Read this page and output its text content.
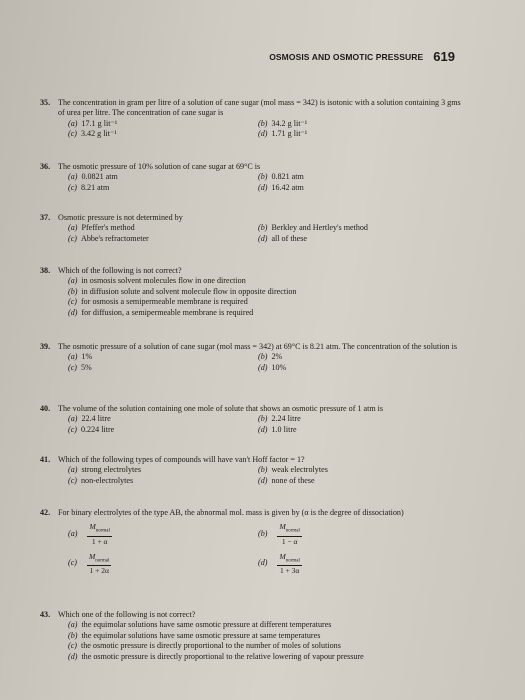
OSMOSIS AND OSMOTIC PRESSURE 619
35. The concentration in gram per litre of a solution of cane sugar (mol mass = 342) is isotonic with a solution containing 3 gms of urea per litre. The concentration of cane sugar is
(a) 17.1 g lit⁻¹	(b) 34.2 g lit⁻¹
(c) 3.42 g lit⁻¹	(d) 1.71 g lit⁻¹
36. The osmotic pressure of 10% solution of cane sugar at 69°C is
(a) 0.0821 atm	(b) 0.821 atm
(c) 8.21 atm	(d) 16.42 atm
37. Osmotic pressure is not determined by
(a) Pfeffer's method	(b) Berkley and Hertley's method
(c) Abbe's refractometer	(d) all of these
38. Which of the following is not correct?
(a) in osmosis solvent molecules flow in one direction
(b) in diffusion solute and solvent molecule flow in opposite direction
(c) for osmosis a semipermeable membrane is required
(d) for diffusion, a semipermeable membrane is required
39. The osmotic pressure of a solution of cane sugar (mol mass = 342) at 69°C is 8.21 atm. The concentration of the solution is
(a) 1%	(b) 2%
(c) 5%	(d) 10%
40. The volume of the solution containing one mole of solute that shows an osmotic pressure of 1 atm is
(a) 22.4 litre	(b) 2.24 litre
(c) 0.224 litre	(d) 1.0 litre
41. Which of the following types of compounds will have van't Hoff factor = 1?
(a) strong electrolytes	(b) weak electrolytes
(c) non-electrolytes	(d) none of these
42. For binary electrolytes of the type AB, the abnormal mol. mass is given by (α is the degree of dissociation)
$(a) \frac{M_{normal}}{1 + \alpha}$	$(b) \frac{M_{normal}}{1 - \alpha}$
$(c) \frac{M_{normal}}{1 + 2\alpha}$	$(d) \frac{M_{normal}}{1 + 3\alpha}$
43. Which one of the following is not correct?
(a) the equimolar solutions have same osmotic pressure at different temperatures
(b) the equimolar solutions have same osmotic pressure at same temperatures
(c) the osmotic pressure is directly proportional to the number of moles of solutions
(d) the osmotic pressure is directly proportional to the relative lowering of vapour pressure
